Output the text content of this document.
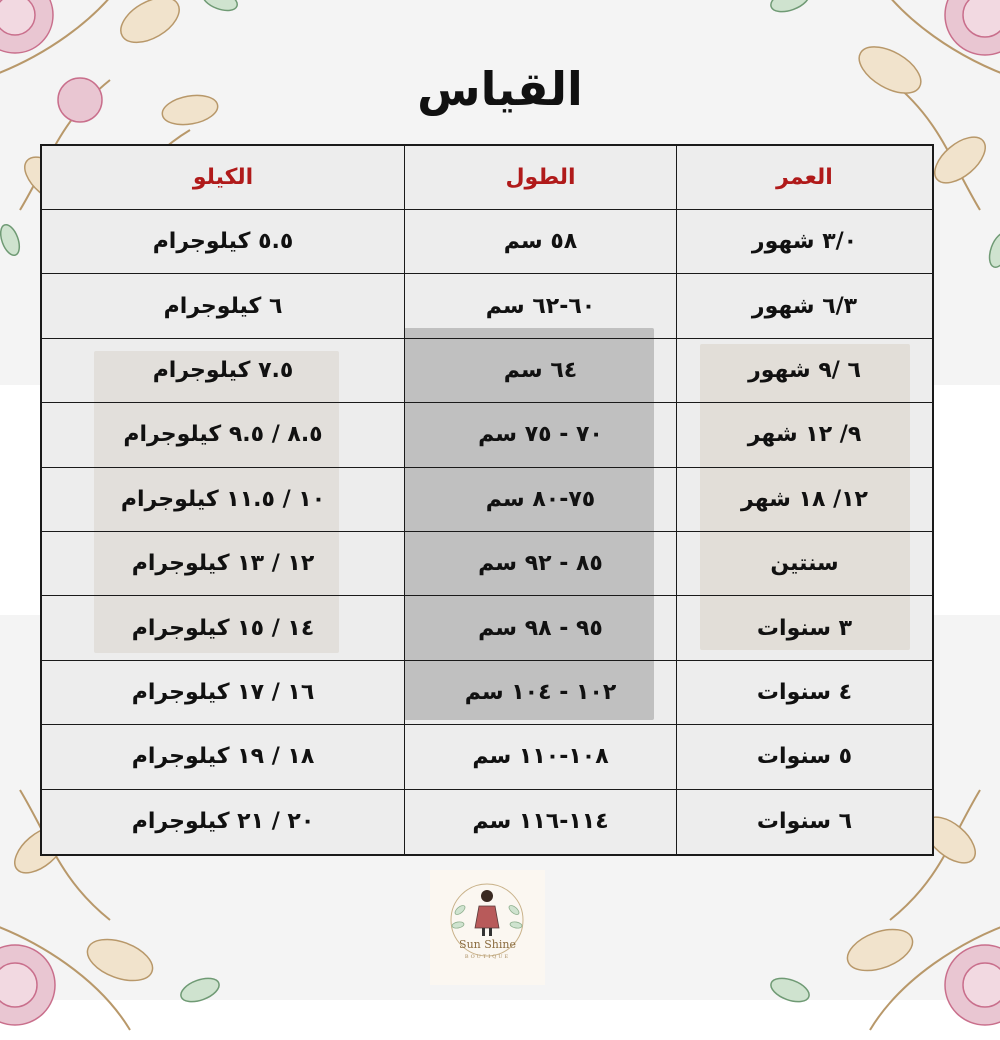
القياس
العمر
الطول
الكيلو
٣/٠ شهور
٥٨ سم
٥.٥ كيلوجرام
٦/٣ شهور
٦٠-٦٢ سم
٦ كيلوجرام
٦ /٩ شهور
٦٤ سم
٧.٥ كيلوجرام
٩/ ١٢ شهر
٧٠ - ٧٥ سم
٨.٥ / ٩.٥ كيلوجرام
١٢/ ١٨ شهر
٧٥-٨٠ سم
١٠ / ١١.٥ كيلوجرام
سنتين
٨٥ - ٩٢ سم
١٢ / ١٣ كيلوجرام
٣ سنوات
٩٥ - ٩٨ سم
١٤ / ١٥ كيلوجرام
٤ سنوات
١٠٢ - ١٠٤ سم
١٦ / ١٧ كيلوجرام
٥ سنوات
١٠٨-١١٠ سم
١٨ / ١٩ كيلوجرام
٦ سنوات
١١٤-١١٦ سم
٢٠ / ٢١ كيلوجرام
Sun Shine
BOUTIQUE
